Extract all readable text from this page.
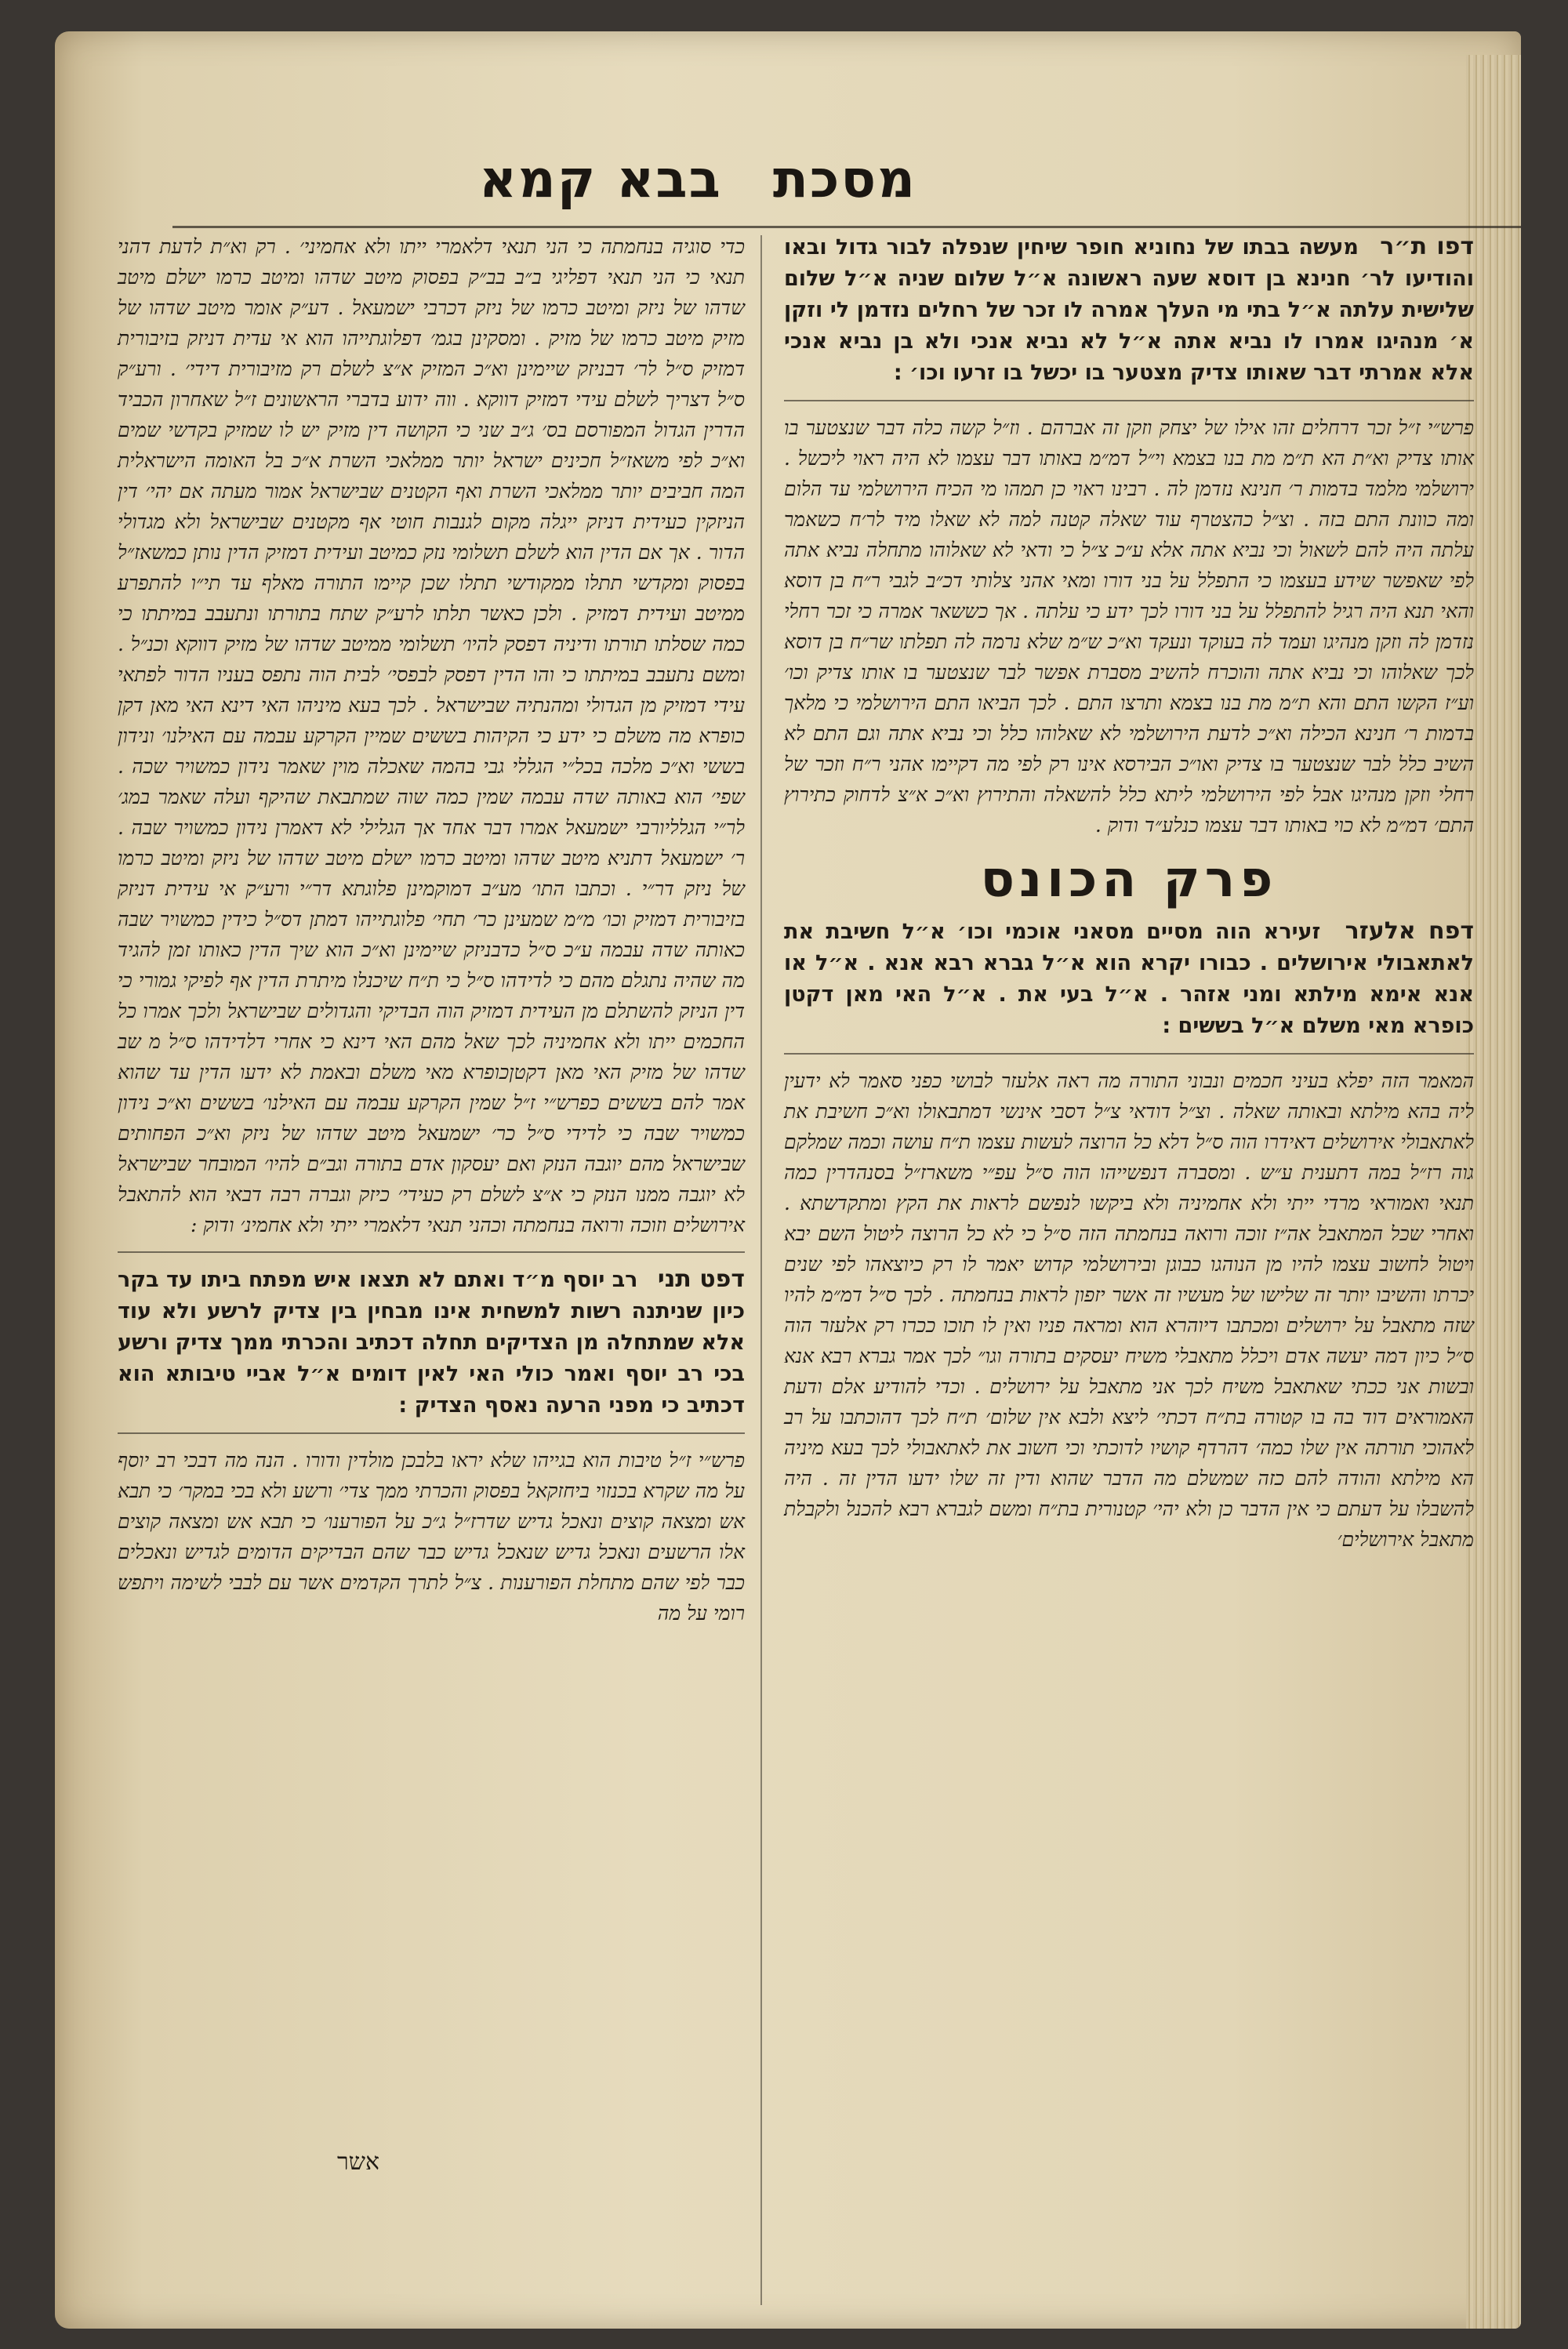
מסכת בבא קמא

דפו ת״ר מעשה בבתו של נחוניא חופר שיחין שנפלה לבור גדול ובאו והודיעו לר׳ חנינא בן דוסא שעה ראשונה א״ל שלום שניה א״ל שלום שלישית עלתה א״ל בתי מי העלך אמרה לו זכר של רחלים נזדמן לי וזקן א׳ מנהיגו אמרו לו נביא אתה א״ל לא נביא אנכי ולא בן נביא אנכי אלא אמרתי דבר שאותו צדיק מצטער בו יכשל בו זרעו וכו׳ :

פרש״י ז״ל זכר דרחלים זהו אילו של יצחק וזקן זה אברהם . וז״ל קשה כלה דבר שנצטער בו אותו צדיק וא״ת הא ת״מ מת בנו בצמא וי״ל דמ״מ באותו דבר עצמו לא היה ראוי ליכשל . ירושלמי מלמד בדמות ר׳ חנינא נזדמן לה . רבינו ראוי כן תמהו מי הכיח הירושלמי עד הלום ומה כוונת התם בזה . וצ״ל כהצטרף עוד שאלה קטנה למה לא שאלו מיד לר׳ח כשאמר עלתה היה להם לשאול וכי נביא אתה אלא ע״כ צ״ל כי ודאי לא שאלוהו מתחלה נביא אתה לפי שאפשר שידע בעצמו כי התפלל על בני דורו ומאי אהני צלותי דכ״ב לגבי ר״ח בן דוסא והאי תנא היה רגיל להתפלל על בני דורו לכך ידע כי עלתה . אך כששאר אמרה כי זכר רחלי נזדמן לה וזקן מנהיגו ועמד לה בעוקד ונעקד וא״כ ש״מ שלא נרמה לה תפלתו שר״ח בן דוסא לכך שאלוהו וכי נביא אתה והוכרח להשיב מסברת אפשר לבר שנצטער בו אותו צדיק וכו׳ וע״ז הקשו התם והא ת״מ מת בנו בצמא ותרצו התם . לכך הביאו התם הירושלמי כי מלאך בדמות ר׳ חנינא הכילה וא״כ לדעת הירושלמי לא שאלוהו כלל וכי נביא אתה וגם התם לא השיב כלל לבר שנצטער בו צדיק ואו״כ הבירסא אינו רק לפי מה דקיימו אהני ר״ח וזכר של רחלי וזקן מנהיגו אבל לפי הירושלמי ליתא כלל להשאלה והתירוץ וא״כ א״צ לדחוק כתירוץ התם׳ דמ״מ לא כוי באותו דבר עצמו כנלע״ד ודוק .

פרק הכונס

דפח אלעזר זעירא הוה מסיים מסאני אוכמי וכו׳ א״ל חשיבת את לאתאבולי אירושלים . כבורו יקרא הוא א״ל גברא רבא אנא . א״ל או אנא אימא מילתא ומני אזהר . א״ל בעי את . א״ל האי מאן דקטן כופרא מאי משלם א״ל בששים :

המאמר הזה יפלא בעיני חכמים ונבוני התורה מה ראה אלעזר לבושי כפני סאמר לא ידעין ליה בהא מילתא ובאותה שאלה . וצ״ל דודאי צ״ל דסבי אינשי דמתבאולו וא״כ חשיבת את לאתאבולי אירושלים דאידרו הוה ס״ל דלא כל הרוצה לעשות עצמו ת״ח עושה וכמה שמלקם גוה רז״ל במה דתענית ע״ש . ומסברה דנפשייהו הוה ס״ל עפ״י משארז״ל בסנהדרין כמה תנאי ואמוראי מרדי ייתי ולא אחמיניה ולא ביקשו לנפשם לראות את הקץ ומתקדשתא . ואחרי שכל המתאבל אה״ז זוכה ורואה בנחמתה הזה ס״ל כי לא כל הרוצה ליטול השם יבא ויטול לחשוב עצמו להיו מן הנוהגו כבוגן ובירושלמי קדוש יאמר לו רק כיוצאהו לפי שנים יכרתו והשיבו יותר זה שלישו של מעשיו זה אשר יזפון לראות בנחמתה . לכך ס״ל דמ״מ להיו שזה מתאבל על ירושלים ומכתבו דיוהרא הוא ומראה פניו ואין לו תוכו ככרו רק אלעזר הוה ס״ל כיון דמה יעשה אדם ויכלל מתאבלי משיח יעסקים בתורה וגו״ לכך אמר גברא רבא אנא ובשות אני ככתי שאתאבל משיח לכך אני מתאבל על ירושלים . וכדי להודיע אלם ודעת האמוראים דוד בה בו קטורה בת״ח דכתי׳ ליצא ולבא אין שלום׳ ת״ח לכך דהוכתבו על רב לאהוכי תורתה אין שלו כמה׳ דהרדף קושיו לדוכתי וכי חשוב את לאתאבולי לכך בעא מיניה הא מילתא והודה להם כזה שמשלם מה הדבר שהוא ודין זה שלו ידעו הדין זה . היה להשבלו על דעתם כי אין הדבר כן ולא יהי׳ קטנורית בת״ח ומשם לגברא רבא להכנל ולקבלת מתאבל אירושלים׳

כדי סוגיה בנחמתה כי הני תנאי דלאמרי ייתו ולא אחמיני׳ . רק וא״ת לדעת דהני תנאי כי הני תנאי דפליגי ב״ב בב״ק בפסוק מיטב שדהו ומיטב כרמו ישלם מיטב שדהו של ניזק ומיטב כרמו של ניזק דכרבי ישמעאל . דע״ק אומר מיטב שדהו של מזיק מיטב כרמו של מזיק . ומסקינן בגמ׳ דפלוגתייהו הוא אי עדית דניזק בזיבורית דמזיק ס״ל לר׳ דבניזק שיימינן וא״כ המזיק א״צ לשלם רק מזיבורית דידי׳ . ורע״ק ס״ל דצריך לשלם עידי דמזיק דווקא . ווה ידוע בדברי הראשונים ז״ל שאחרון הכביד הדרין הגדול המפורסם בס׳ ג״ב שני כי הקושה דין מזיק יש לו שמזיק בקדשי שמים וא״כ לפי משאז״ל חכינים ישראל יותר ממלאכי השרת א״כ בל האומה הישראלית המה חביבים יותר ממלאכי השרת ואף הקטנים שבישראל אמור מעתה אם יהי׳ דין הניזקין כעידית דניזק ייגלה מקום לגנבות חוטי אף מקטנים שבישראל ולא מגדולי הדור . אך אם הדין הוא לשלם תשלומי נזק כמיטב ועידית דמזיק הדין נותן כמשאז״ל בפסוק ומקדשי תתלו ממקודשי תתלו שכן קיימו התורה מאלף עד תי״ו להתפרע ממיטב ועידית דמזיק . ולכן כאשר תלתו לרע״ק שתח בתורתו ונתעבב במיתתו כי כמה שסלתו תורתו ודיניה דפסק להיו׳ תשלומי ממיטב שדהו של מזיק דווקא וכנ״ל . ומשם נתעבב במיתתו כי והו הדין דפסק לבפסי׳ לבית הוה נתפס בעניו הדור לפתאי עידי דמזיק מן הגדולי ומהנתיה שבישראל . לכך בעא מיניהו האי דינא האי מאן דקן כופרא מה משלם כי ידע כי הקיהות בששים שמיין הקרקע עבמה עם האילנו׳ ונידון בששי וא״כ מלכה בכל״י הגללי גבי בהמה שאכלה מוין שאמר נידון כמשויר שכה . שפי׳ הוא באותה שדה עבמה שמין כמה שוה שמתבאת שהיקף ועלה שאמר במג׳ לר״י הגלליורבי ישמעאל אמרו דבר אחד אך הגלילי לא דאמרן נידון כמשויר שבה . ר׳ ישמעאל דתניא מיטב שדהו ומיטב כרמו ישלם מיטב שדהו של ניזק ומיטב כרמו של ניזק דר״י . וכתבו התו׳ מע״ב דמוקמינן פלוגתא דר״י ורע״ק אי עידית דניזק בזיבורית דמזיק וכו׳ מ״מ שמעינן כר׳ תחי׳ פלוגתייהו דמתן דס״ל כידין כמשויר שבה כאותה שדה עבמה ע״כ ס״ל כדבניזק שיימינן וא״כ הוא שיך הדין כאותו זמן להגיד מה שהיה נתגלם מהם כי לדידהו ס״ל כי ת״ח שיכנלו מיתרת הדין אף לפיקי גמורי כי דין הניזק להשתלם מן העידית דמזיק הוה הבדיקי והגדולים שבישראל ולכך אמרו כל החכמים ייתו ולא אחמיניה לכך שאל מהם האי דינא כי אחרי דלדידהו ס״ל מ שב שדהו של מזיק האי מאן דקטןכופרא מאי משלם ובאמת לא ידעו הדין עד שהוא אמר להם בששים כפרש״י ז״ל שמין הקרקע עבמה עם האילנו׳ בששים וא״כ נידון כמשויר שבה כי לדידי ס״ל כר׳ ישמעאל מיטב שדהו של ניזק וא״כ הפחותים שבישראל מהם יוגבה הנזק ואם יעסקון אדם בתורה וגב״ם להיו׳ המובחר שבישראל לא יוגבה ממנו הנזק כי א״צ לשלם רק כעידי׳ כיזק וגברה רבה דבאי הוא להתאבל אירושלים וזוכה ורואה בנחמתה וכהני תנאי דלאמרי ייתי ולא אחמינ׳ ודוק :

דפט תני רב יוסף מ״ד ואתם לא תצאו איש מפתח ביתו עד בקר כיון שניתנה רשות למשחית אינו מבחין בין צדיק לרשע ולא עוד אלא שמתחלה מן הצדיקים תחלה דכתיב והכרתי ממך צדיק ורשע בכי רב יוסף ואמר כולי האי לאין דומים א״ל אביי טיבותא הוא דכתיב כי מפני הרעה נאסף הצדיק :

פרש״י ז״ל טיבות הוא בגייהו שלא יראו בלבכן מולדין ודורו . הנה מה דבכי רב יוסף על מה שקרא בכנזוי ביחזקאל בפסוק והכרתי ממך צדי׳ ורשע ולא בכי במקר׳ כי תבא אש ומצאה קוצים ונאכל גדיש שדרז״ל ג״כ על הפורענו׳ כי תבא אש ומצאה קוצים אלו הרשעים ונאכל גדיש שנאכל גדיש כבר שהם הבדיקים הדומים לגדיש ונאכלים כבר לפי שהם מתחלת הפורענות . צ״ל לתרך הקדמים אשר עם לבבי לשימה ויתפש רומי על מה

אשר
